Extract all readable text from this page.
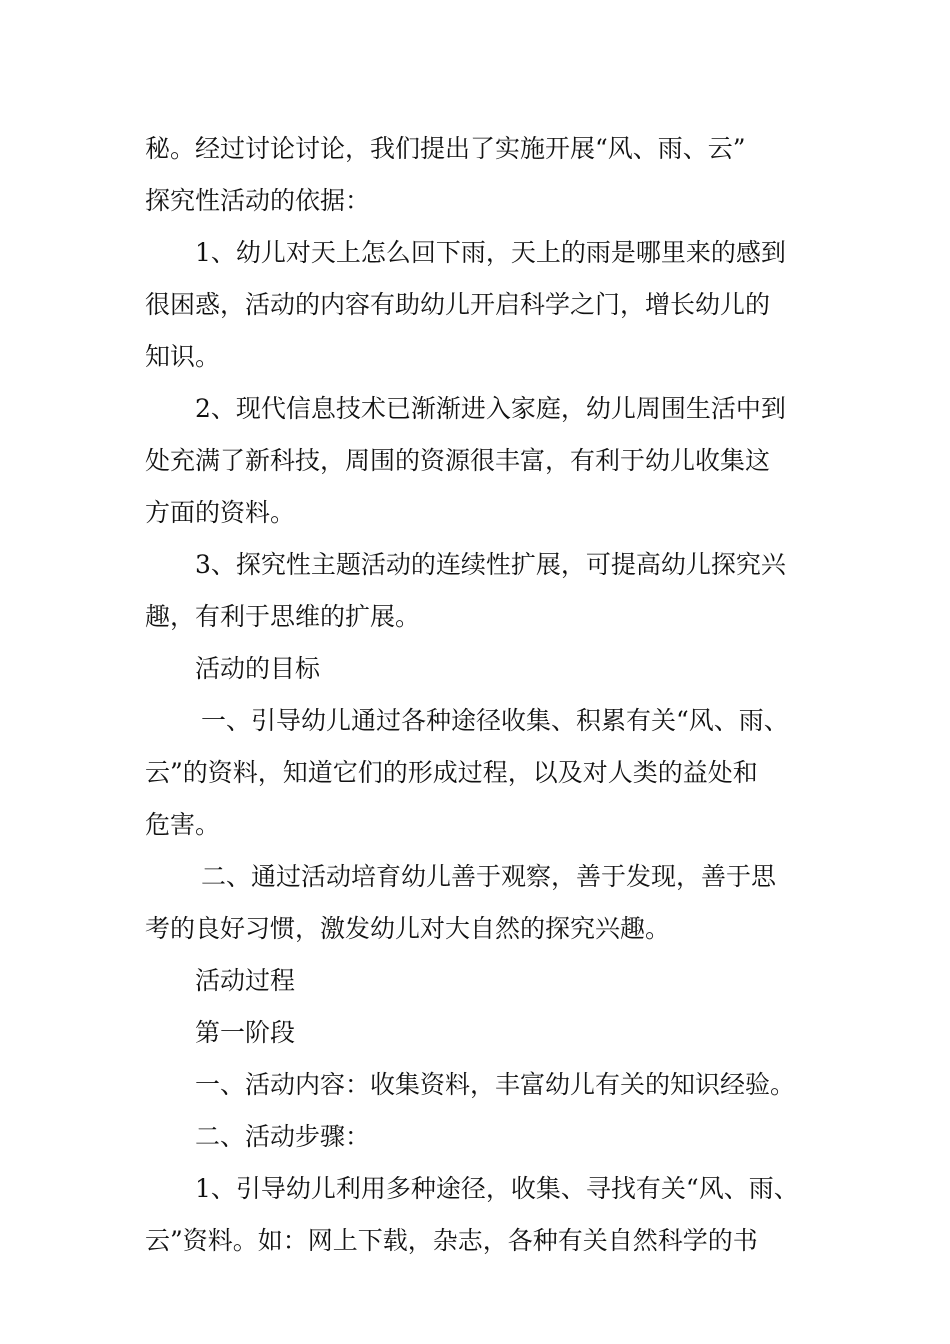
秘。经过讨论讨论，我们提出了实施开展“风、雨、云”
探究性活动的依据：
1、幼儿对天上怎么回下雨，天上的雨是哪里来的感到
很困惑，活动的内容有助幼儿开启科学之门，增长幼儿的
知识。
2、现代信息技术已渐渐进入家庭，幼儿周围生活中到
处充满了新科技，周围的资源很丰富，有利于幼儿收集这
方面的资料。
3、探究性主题活动的连续性扩展，可提高幼儿探究兴
趣，有利于思维的扩展。
活动的目标
一、引导幼儿通过各种途径收集、积累有关“风、雨、
云”的资料，知道它们的形成过程，以及对人类的益处和
危害。
二、通过活动培育幼儿善于观察，善于发现，善于思
考的良好习惯，激发幼儿对大自然的探究兴趣。
活动过程
第一阶段
一、活动内容：收集资料，丰富幼儿有关的知识经验。
二、活动步骤：
1、引导幼儿利用多种途径，收集、寻找有关“风、雨、
云”资料。如：网上下载，杂志，各种有关自然科学的书
